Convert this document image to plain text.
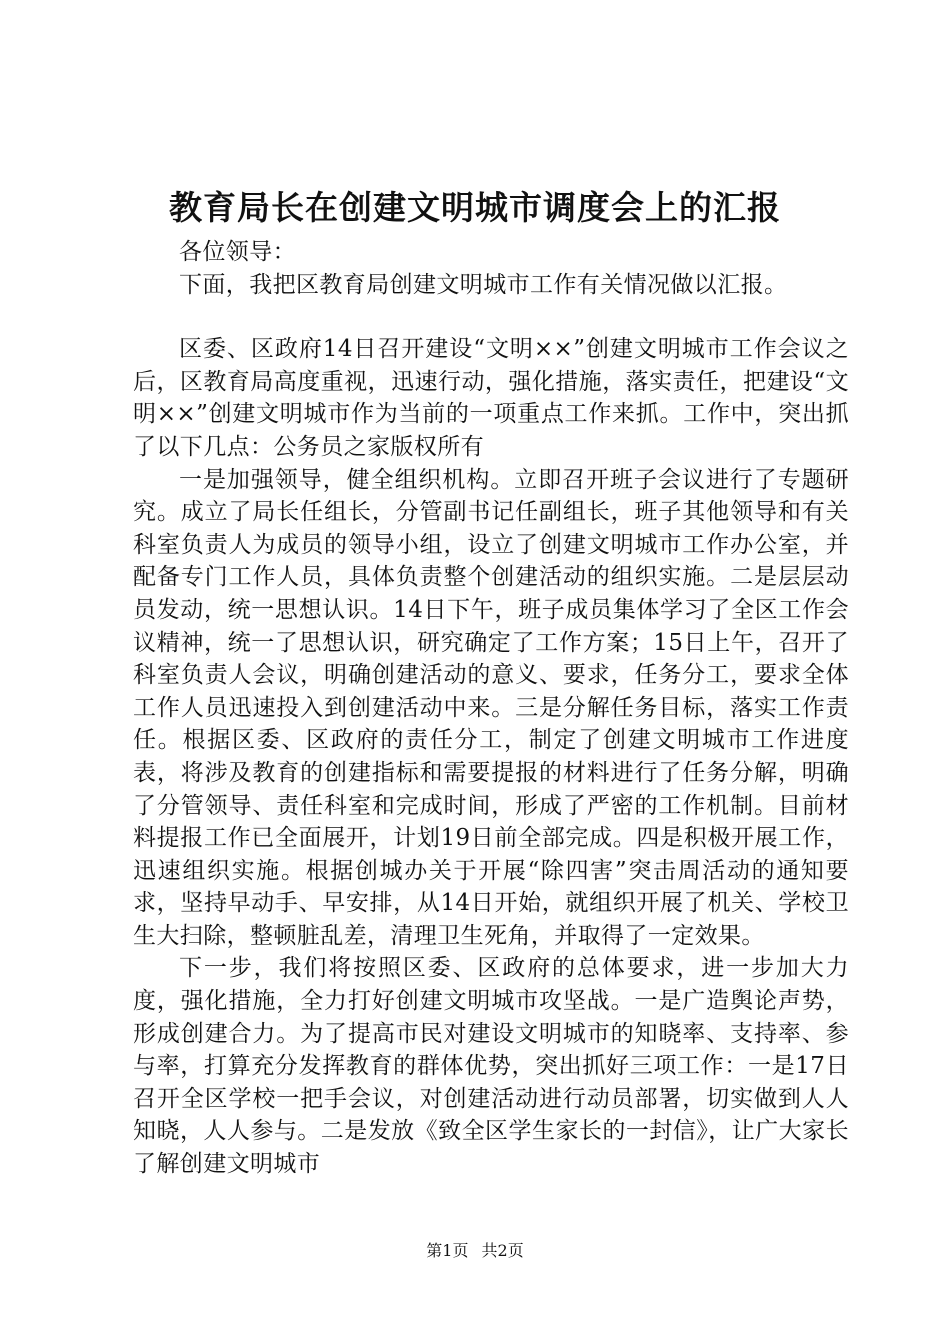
教育局长在创建文明城市调度会上的汇报

各位领导：

下面，我把区教育局创建文明城市工作有关情况做以汇报。

区委、区政府14日召开建设“文明××”创建文明城市工作会议之后，区教育局高度重视，迅速行动，强化措施，落实责任，把建设“文明××”创建文明城市作为当前的一项重点工作来抓。工作中，突出抓了以下几点：公务员之家版权所有

一是加强领导，健全组织机构。立即召开班子会议进行了专题研究。成立了局长任组长，分管副书记任副组长，班子其他领导和有关科室负责人为成员的领导小组，设立了创建文明城市工作办公室，并配备专门工作人员，具体负责整个创建活动的组织实施。二是层层动员发动，统一思想认识。14日下午，班子成员集体学习了全区工作会议精神，统一了思想认识，研究确定了工作方案；15日上午，召开了科室负责人会议，明确创建活动的意义、要求，任务分工，要求全体工作人员迅速投入到创建活动中来。三是分解任务目标，落实工作责任。根据区委、区政府的责任分工，制定了创建文明城市工作进度表，将涉及教育的创建指标和需要提报的材料进行了任务分解，明确了分管领导、责任科室和完成时间，形成了严密的工作机制。目前材料提报工作已全面展开，计划19日前全部完成。四是积极开展工作，迅速组织实施。根据创城办关于开展“除四害”突击周活动的通知要求，坚持早动手、早安排，从14日开始，就组织开展了机关、学校卫生大扫除，整顿脏乱差，清理卫生死角，并取得了一定效果。

下一步，我们将按照区委、区政府的总体要求，进一步加大力度，强化措施，全力打好创建文明城市攻坚战。一是广造舆论声势，形成创建合力。为了提高市民对建设文明城市的知晓率、支持率、参与率，打算充分发挥教育的群体优势，突出抓好三项工作：一是17日召开全区学校一把手会议，对创建活动进行动员部署，切实做到人人知晓，人人参与。二是发放《致全区学生家长的一封信》，让广大家长了解创建文明城市

第1页 共2页
